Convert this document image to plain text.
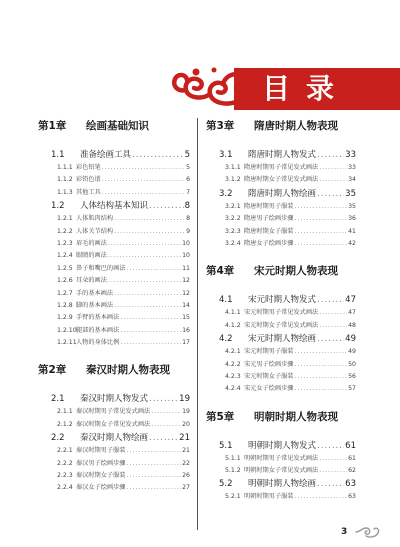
目录
第1章 绘画基础知识
1.1	准备绘画工具 .....	5
1.1.1 彩色铅笔 .....	5
1.1.2 彩铅色谱 .....	6
1.1.3 其他工具 .....	7
1.2	人体结构基本知识 .....	8
1.2.1 人体肌肉结构 .....	8
1.2.2 人体关节结构 .....	9
1.2.3 眉毛的画法 .....	10
1.2.4 眼睛的画法 .....	10
1.2.5 鼻子和嘴巴的画法 .....	11
1.2.6 耳朵的画法 .....	12
1.2.7 手的基本画法 .....	12
1.2.8 脚的基本画法 .....	14
1.2.9 手臂的基本画法 .....	15
1.2.10 腿部的基本画法 .....	16
1.2.11 人物的身体比例 .....	17
第2章 秦汉时期人物表现
2.1	秦汉时期人物发式 .....	19
2.1.1 秦汉时期男子常见发式画法 .....	19
2.1.2 秦汉时期女子常见发式画法 .....	20
2.2	秦汉时期人物绘画 .....	21
2.2.1 秦汉时期男子服装 .....	21
2.2.2 秦汉男子绘画步骤 .....	22
2.2.3 秦汉时期女子服装 .....	26
2.2.4 秦汉女子绘画步骤 .....	27
第3章 隋唐时期人物表现
3.1	隋唐时期人物发式 .....	33
3.1.1 隋唐时期男子常见发式画法 .....	33
3.1.2 隋唐时期女子常见发式画法 .....	34
3.2	隋唐时期人物绘画 .....	35
3.2.1 隋唐时期男子服装 .....	35
3.2.2 隋唐男子绘画步骤 .....	36
3.2.3 隋唐时期女子服装 .....	41
3.2.4 隋唐女子绘画步骤 .....	42
第4章 宋元时期人物表现
4.1	宋元时期人物发式 .....	47
4.1.1 宋元时期男子常见发式画法 .....	47
4.1.2 宋元时期女子常见发式画法 .....	48
4.2	宋元时期人物绘画 .....	49
4.2.1 宋元时期男子服装 .....	49
4.2.2 宋元男子绘画步骤 .....	50
4.2.3 宋元时期女子服装 .....	56
4.2.4 宋元女子绘画步骤 .....	57
第5章 明朝时期人物表现
5.1	明朝时期人物发式 .....	61
5.1.1 明朝时期男子常见发式画法 .....	61
5.1.2 明朝时期女子常见发式画法 .....	62
5.2	明朝时期人物绘画 .....	63
5.2.1 明朝时期男子服装 .....	63
3
